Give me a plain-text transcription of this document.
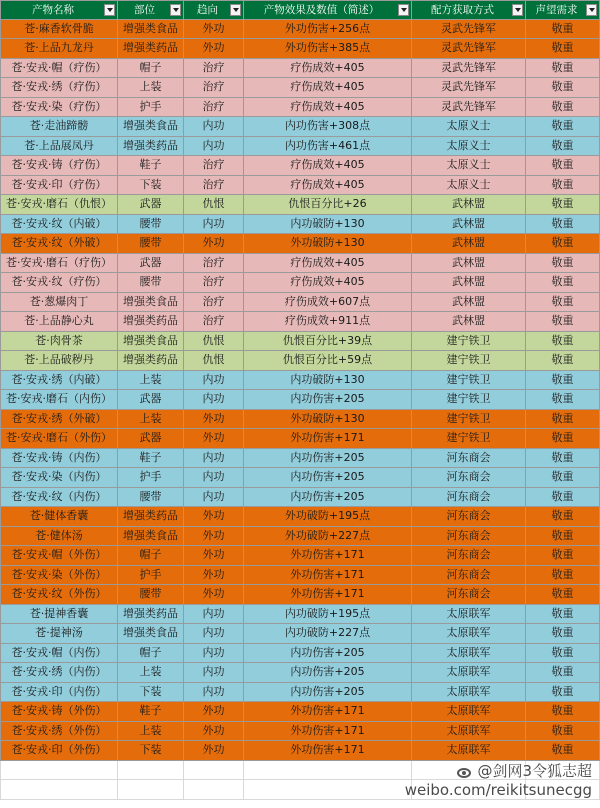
产物名称	部位	趋向	产物效果及数值（简述）	配方获取方式	声望需求
苍·麻香软骨脆	增强类食品	外功	外功伤害+256点	灵武先锋军	敬重
苍·上品九龙丹	增强类药品	外功	外功伤害+385点	灵武先锋军	敬重
苍·安戎·帽（疗伤）	帽子	治疗	疗伤成效+405	灵武先锋军	敬重
苍·安戎·绣（疗伤）	上装	治疗	疗伤成效+405	灵武先锋军	敬重
苍·安戎·染（疗伤）	护手	治疗	疗伤成效+405	灵武先锋军	敬重
苍·走油蹄髈	增强类食品	内功	内功伤害+308点	太原义士	敬重
苍·上品展凤丹	增强类药品	内功	内功伤害+461点	太原义士	敬重
苍·安戎·铸（疗伤）	鞋子	治疗	疗伤成效+405	太原义士	敬重
苍·安戎·印（疗伤）	下装	治疗	疗伤成效+405	太原义士	敬重
苍·安戎·磨石（仇恨）	武器	仇恨	仇恨百分比+26	武林盟	敬重
苍·安戎·纹（内破）	腰带	内功	内功破防+130	武林盟	敬重
苍·安戎·纹（外破）	腰带	外功	外功破防+130	武林盟	敬重
苍·安戎·磨石（疗伤）	武器	治疗	疗伤成效+405	武林盟	敬重
苍·安戎·纹（疗伤）	腰带	治疗	疗伤成效+405	武林盟	敬重
苍·葱爆肉丁	增强类食品	治疗	疗伤成效+607点	武林盟	敬重
苍·上品静心丸	增强类药品	治疗	疗伤成效+911点	武林盟	敬重
苍·肉骨茶	增强类食品	仇恨	仇恨百分比+39点	建宁铁卫	敬重
苍·上品破秽丹	增强类药品	仇恨	仇恨百分比+59点	建宁铁卫	敬重
苍·安戎·绣（内破）	上装	内功	内功破防+130	建宁铁卫	敬重
苍·安戎·磨石（内伤）	武器	内功	内功伤害+205	建宁铁卫	敬重
苍·安戎·绣（外破）	上装	外功	外功破防+130	建宁铁卫	敬重
苍·安戎·磨石（外伤）	武器	外功	外功伤害+171	建宁铁卫	敬重
苍·安戎·铸（内伤）	鞋子	内功	内功伤害+205	河东商会	敬重
苍·安戎·染（内伤）	护手	内功	内功伤害+205	河东商会	敬重
苍·安戎·纹（内伤）	腰带	内功	内功伤害+205	河东商会	敬重
苍·健体香囊	增强类药品	外功	外功破防+195点	河东商会	敬重
苍·健体汤	增强类食品	外功	外功破防+227点	河东商会	敬重
苍·安戎·帽（外伤）	帽子	外功	外功伤害+171	河东商会	敬重
苍·安戎·染（外伤）	护手	外功	外功伤害+171	河东商会	敬重
苍·安戎·纹（外伤）	腰带	外功	外功伤害+171	河东商会	敬重
苍·提神香囊	增强类药品	内功	内功破防+195点	太原联军	敬重
苍·提神汤	增强类食品	内功	内功破防+227点	太原联军	敬重
苍·安戎·帽（内伤）	帽子	内功	内功伤害+205	太原联军	敬重
苍·安戎·绣（内伤）	上装	内功	内功伤害+205	太原联军	敬重
苍·安戎·印（内伤）	下装	内功	内功伤害+205	太原联军	敬重
苍·安戎·铸（外伤）	鞋子	外功	外功伤害+171	太原联军	敬重
苍·安戎·绣（外伤）	上装	外功	外功伤害+171	太原联军	敬重
苍·安戎·印（外伤）	下装	外功	外功伤害+171	太原联军	敬重
@剑网3令狐志超
weibo.com/reikitsunecgg
